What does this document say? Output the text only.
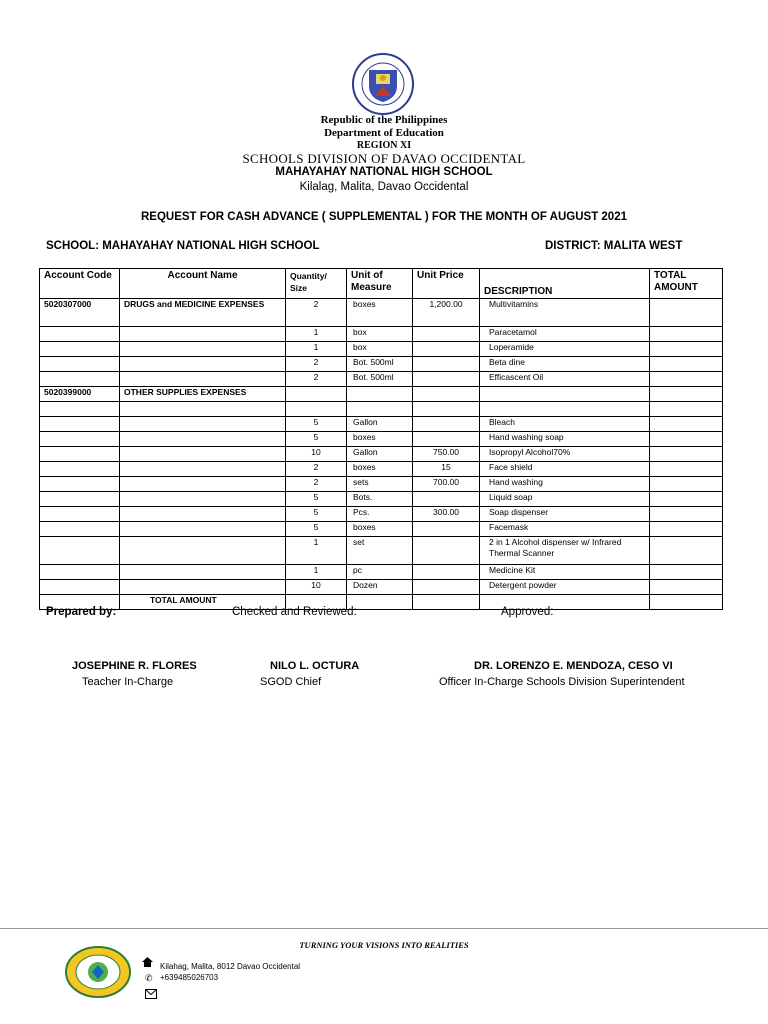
Republic of the Philippines
Department of Education
REGION XI
SCHOOLS DIVISION OF DAVAO OCCIDENTAL
MAHAYAHAY NATIONAL HIGH SCHOOL
Kilalag, Malita, Davao Occidental
REQUEST FOR CASH ADVANCE ( SUPPLEMENTAL ) FOR THE MONTH OF AUGUST 2021
SCHOOL: MAHAYAHAY NATIONAL HIGH SCHOOL	DISTRICT: MALITA WEST
Account Code	Account Name	Quantity/ Size	Unit of Measure	Unit Price	DESCRIPTION	TOTAL AMOUNT
5020307000	DRUGS and MEDICINE EXPENSES	2	boxes	1,200.00	Multivitamins	
		1	box		Paracetamol	
		1	box		Loperamide	
		2	Bot. 500ml		Beta dine	
		2	Bot. 500ml		Efficascent Oil	
5020399000	OTHER SUPPLIES EXPENSES					

		5	Gallon		Bleach	
		5	boxes		Hand washing soap	
		10	Gallon	750.00	Isopropyl Alcohol70%	
		2	boxes	15	Face shield	
		2	sets	700.00	Hand washing	
		5	Bots.		Liquid soap	
		5	Pcs.	300.00	Soap dispenser	
		5	boxes		Facemask	
		1	set		2 in 1 Alcohol dispenser w/ Infrared Thermal Scanner	
		1	pc		Medicine Kit	
		10	Dozen		Detergent powder	
	TOTAL AMOUNT					
Prepared by:	Checked and Reviewed:	Approved:
JOSEPHINE R. FLORES
Teacher In-Charge
NILO L. OCTURA
SGOD Chief
DR. LORENZO E. MENDOZA, CESO VI
Officer In-Charge Schools Division Superintendent
TURNING YOUR VISIONS INTO REALITIES
Kilahag, Malita, 8012 Davao Occidental
✆ +639485026703
